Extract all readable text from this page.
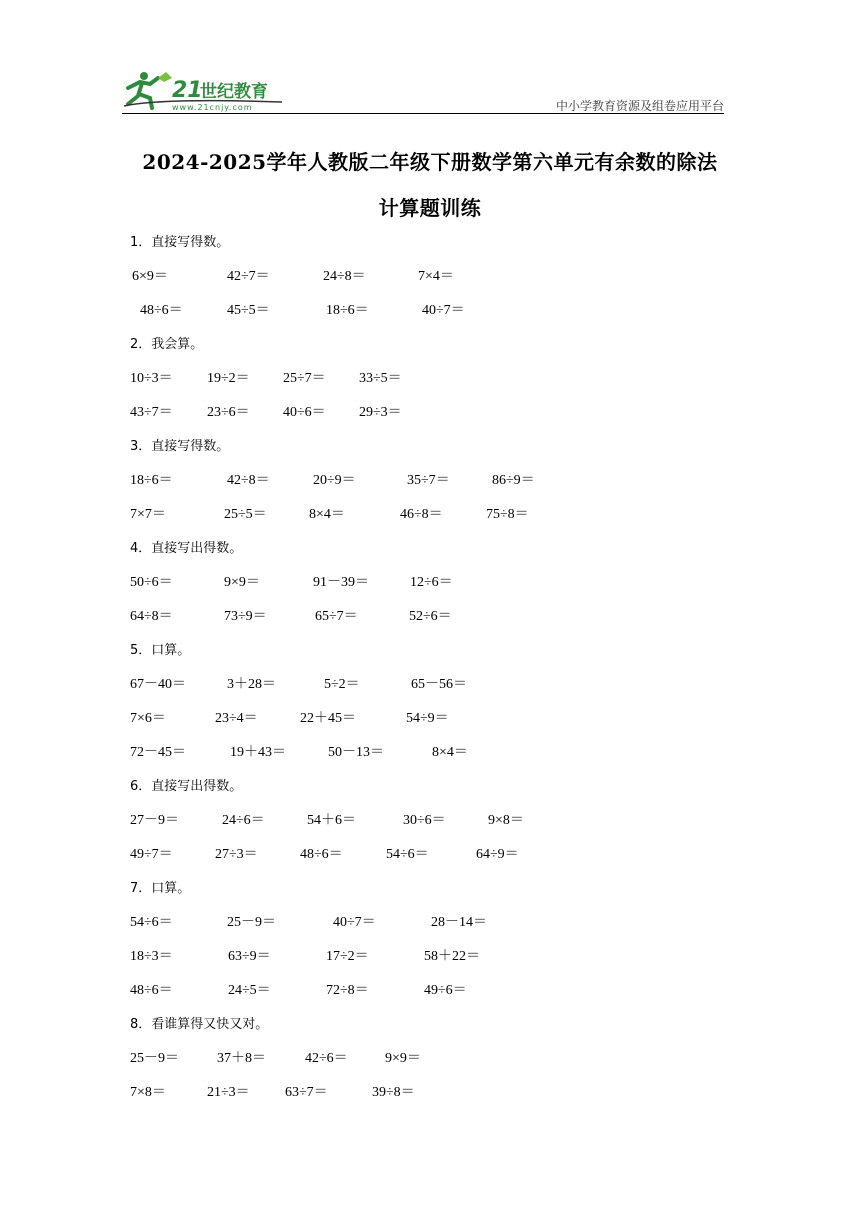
21
世纪教育
www.21cnjy.com	中小学教育资源及组卷应用平台
2024-2025学年人教版二年级下册数学第六单元有余数的除法
计算题训练
1．直接写得数。
6×9＝	42÷7＝	24÷8＝	7×4＝
48÷6＝	45÷5＝	18÷6＝	40÷7＝
2．我会算。
10÷3＝ 19÷2＝ 25÷7＝ 33÷5＝
43÷7＝ 23÷6＝ 40÷6＝ 29÷3＝
3．直接写得数。
18÷6＝	42÷8＝	20÷9＝	35÷7＝	86÷9＝
7×7＝	25÷5＝	8×4＝	46÷8＝	75÷8＝
4．直接写出得数。
50÷6＝	9×9＝	91－39＝	12÷6＝
64÷8＝	73÷9＝	65÷7＝	52÷6＝
5．口算。
67－40＝	3＋28＝	5÷2＝	65－56＝
7×6＝	23÷4＝	22＋45＝	54÷9＝
72－45＝	19＋43＝	50－13＝	8×4＝
6．直接写出得数。
27－9＝	24÷6＝	54＋6＝	30÷6＝	9×8＝
49÷7＝	27÷3＝	48÷6＝	54÷6＝	64÷9＝
7．口算。
54÷6＝	25－9＝	40÷7＝	28－14＝
18÷3＝	63÷9＝	17÷2＝	58＋22＝
48÷6＝	24÷5＝	72÷8＝	49÷6＝
8．看谁算得又快又对。
25－9＝	37＋8＝	42÷6＝	9×9＝
7×8＝	21÷3＝	63÷7＝	39÷8＝
